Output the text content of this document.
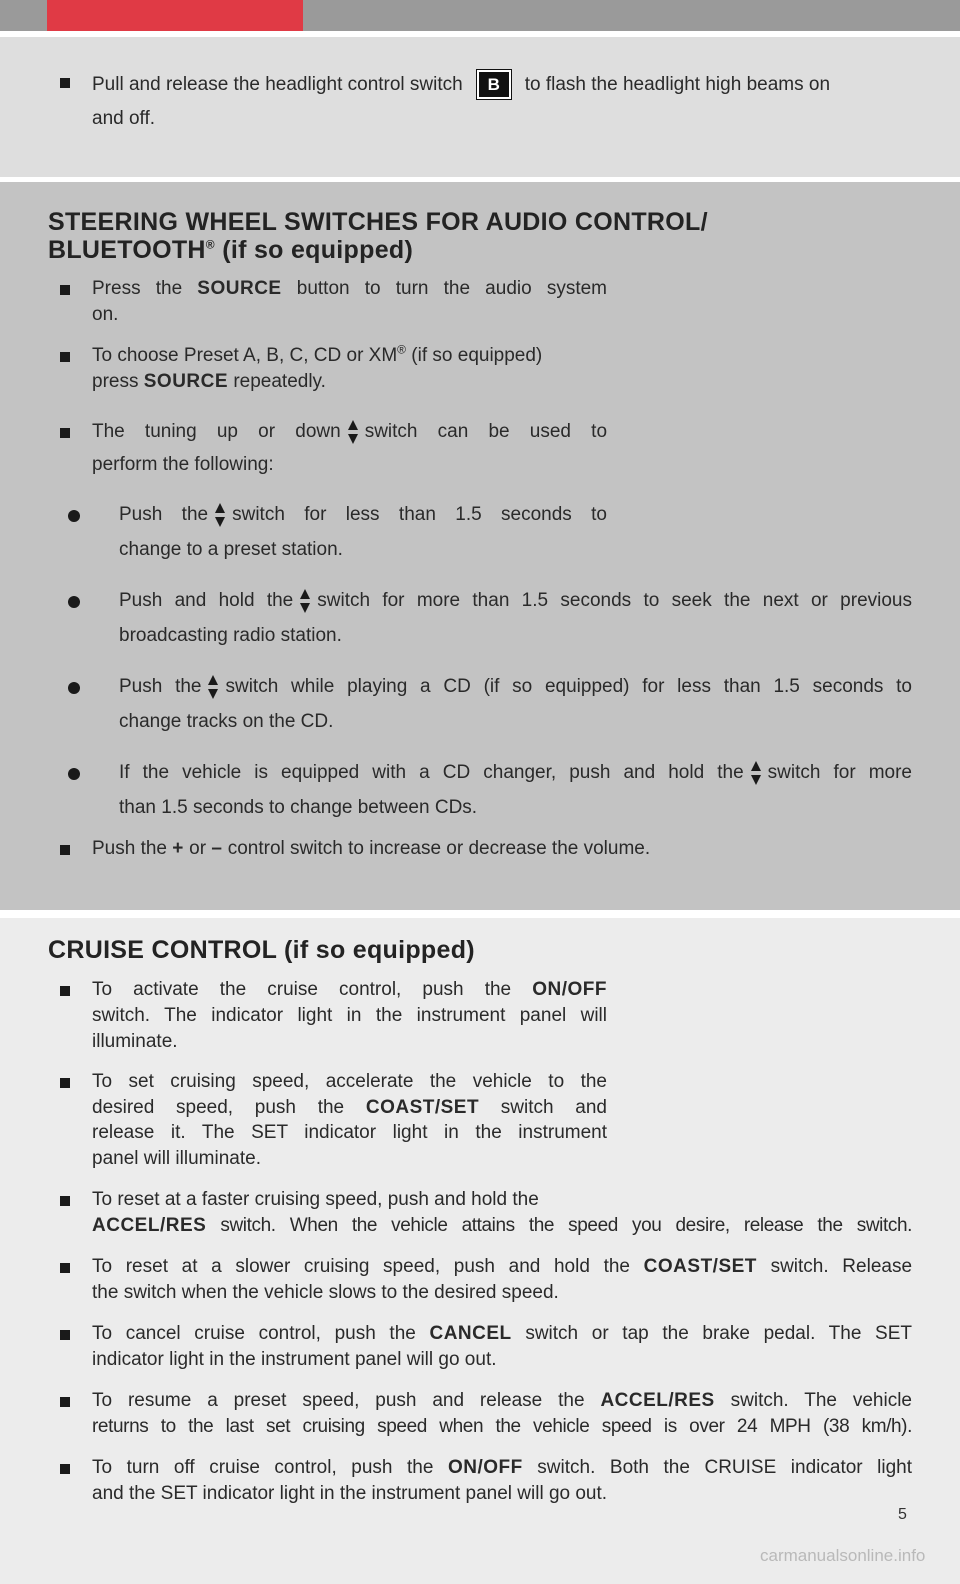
Pull and release the headlight control switch B to flash the headlight high beams on
and off.
STEERING WHEEL SWITCHES FOR AUDIO CONTROL/
BLUETOOTH® (if so equipped)
Press the SOURCE button to turn the audio system
on.
To choose Preset A, B, C, CD or XM® (if so equipped)
press SOURCE repeatedly.
The tuning up or down switch can be used to
perform the following:
Push the switch for less than 1.5 seconds to
change to a preset station.
Push and hold the switch for more than 1.5 seconds to seek the next or previous
broadcasting radio station.
Push the switch while playing a CD (if so equipped) for less than 1.5 seconds to
change tracks on the CD.
If the vehicle is equipped with a CD changer, push and hold the switch for more
than 1.5 seconds to change between CDs.
Push the + or – control switch to increase or decrease the volume.
CRUISE CONTROL (if so equipped)
To activate the cruise control, push the ON/OFF
switch. The indicator light in the instrument panel will
illuminate.
To set cruising speed, accelerate the vehicle to the
desired speed, push the COAST/SET switch and
release it. The SET indicator light in the instrument
panel will illuminate.
To reset at a faster cruising speed, push and hold the
ACCEL/RES switch. When the vehicle attains the speed you desire, release the switch.
To reset at a slower cruising speed, push and hold the COAST/SET switch. Release
the switch when the vehicle slows to the desired speed.
To cancel cruise control, push the CANCEL switch or tap the brake pedal. The SET
indicator light in the instrument panel will go out.
To resume a preset speed, push and release the ACCEL/RES switch. The vehicle
returns to the last set cruising speed when the vehicle speed is over 24 MPH (38 km/h).
To turn off cruise control, push the ON/OFF switch. Both the CRUISE indicator light
and the SET indicator light in the instrument panel will go out.
5
carmanualsonline.info
